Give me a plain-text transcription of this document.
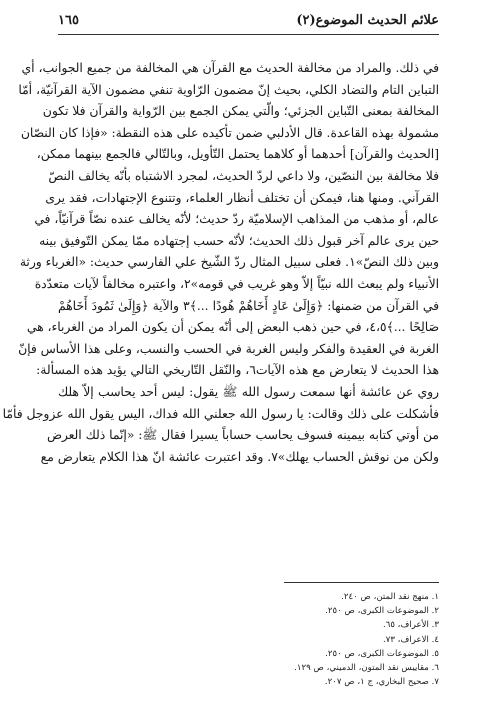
علائم الحديث الموضوع(٢)
١٦٥
في ذلك. والمراد من مخالفة الحديث مع القرآن هي المخالفة من جميع الجوانب، أي
التباين التام والتضاد الكلي، بحيث إنّ مضمون الرّاوية تنفي مضمون الآية القرآنيّة، أمّا
المخالفة بمعنى التّباين الجزئي؛ والّتي يمكن الجمع بين الرّواية والقرآن فلا تكون
مشمولة بهذه القاعدة. قال الأدلبي ضمن تأكيده على هذه النقطة: «فإذا كان النصّان
[الحديث والقرآن] أحدهما أو كلاهما يحتمل التّأويل، وبالتّالي فالجمع بينهما ممكن،
فلا مخالفة بين النصّين، ولا داعي لردّ الحديث، لمجرد الاشتباه بأنّه يخالف النصّ
القرآني. ومنها هنا، فيمكن أن تختلف أنظار العلماء، وتتنوع الإجتهادات، فقد يرى
عالم، أو مذهب من المذاهب الإسلاميّة ردّ حديث؛ لأنّه يخالف عنده نصّاً قرآنيّاً، في
حين يرى عالم آخر قبول ذلك الحديث؛ لأنّه حسب إجتهاده ممّا يمكن التّوفيق بينه
وبين ذلك النصّ»١. فعلى سبيل المثال ردّ الشّيخ علي الفارسي حديث: «الغرباء ورثة
الأنبياء ولم يبعث الله نبيّاً إلاّ وهو غريب في قومه»٢، واعتبره مخالفاً لآيات متعدّدة
في القرآن من ضمنها: ﴿وَإِلَىٰ عَادٍ أَخَاهُمْ هُودًا ...﴾٣ والآية ﴿وَإِلَىٰ ثَمُودَ أَخَاهُمْ
صَالِحًا ...﴾٤،٥، في حين ذهب البعض إلى أنّه يمكن أن يكون المراد من الغرباء، هي
الغربة في العقيدة والفكر وليس الغربة في الحسب والنسب، وعلى هذا الأساس فإنّ
هذا الحديث لا يتعارض مع هذه الآيات٦، والنّقل التّاريخي التالي يؤيد هذه المسألة:
روي عن عائشة أنها سمعت رسول الله ﷺ يقول: ليس أحد يحاسب إلاّ هلك
فأشكلت على ذلك وقالت: يا رسول الله جعلني الله فداك، اليس يقول الله عزوجل فأمّا
من أوتي كتابه بيمينه فسوف يحاسب حساباً يسيرا فقال ﷺ: «إنّما ذلك العرض
ولكن من نوقش الحساب يهلك»٧. وقد اعتبرت عائشة انّ هذا الكلام يتعارض مع
١. منهج نقد المتن، ص ٢٤٠.
٢. الموضوعات الكبرى، ص ٢٥٠.
٣. الأعراف، ٦٥.
٤. الاعراف، ٧٣.
٥. الموضوعات الكبرى، ص ٢٥٠.
٦. مقاييس نقد المتون، الدميني، ص ١٢٩.
٧. صحيح البخاري، ج ١، ص ٢٠٧.
